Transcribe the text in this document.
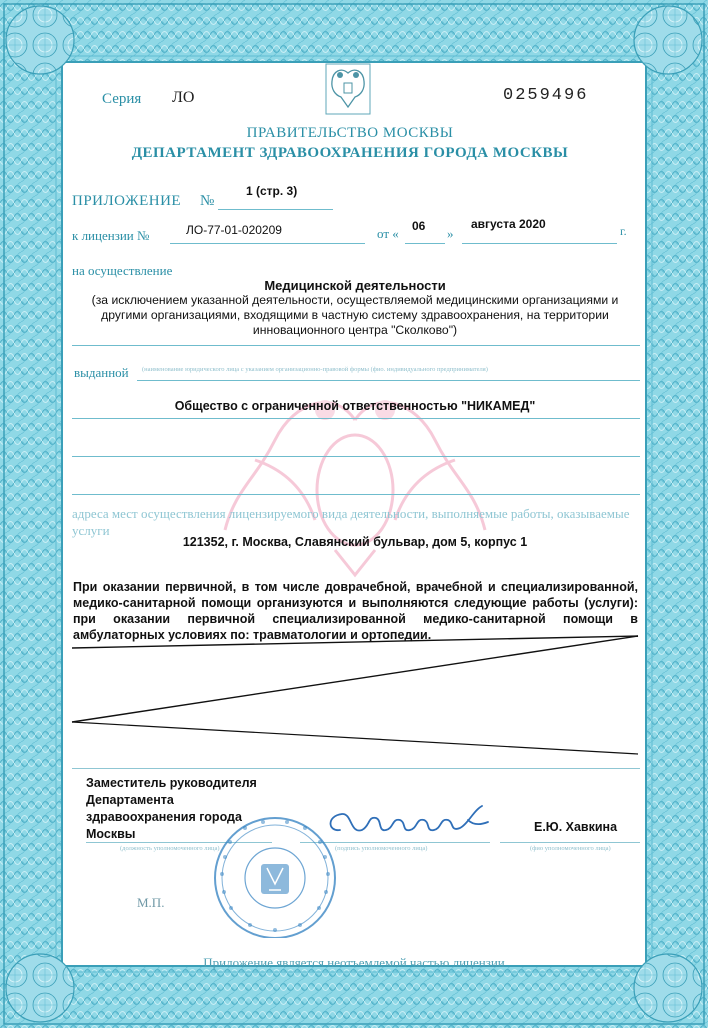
Серия ЛО	0259496
ПРАВИТЕЛЬСТВО МОСКВЫ
ДЕПАРТАМЕНТ ЗДРАВООХРАНЕНИЯ ГОРОДА МОСКВЫ
ПРИЛОЖЕНИЕ №
1 (стр. 3)
к лицензии №	ЛО-77-01-020209	от « 06 »
августа 2020	г.
на осуществление
Медицинской деятельности
(за исключением указанной деятельности, осуществляемой медицинскими организациями и другими организациями, входящими в частную систему здравоохранения, на территории инновационного центра "Сколково")
выданной (наименование юридического лица с указанием организационно-правовой формы (фио. индивидуального предпринимателя)
Общество с ограниченной ответственностью "НИКАМЕД"
адреса мест осуществления лицензируемого вида деятельности, выполняемые работы, оказываемые услуги
121352, г. Москва, Славянский бульвар, дом 5, корпус 1
При оказании первичной, в том числе доврачебной, врачебной и специализированной, медико-санитарной помощи организуются и выполняются следующие работы (услуги): при оказании первичной специализированной медико-санитарной помощи в амбулаторных условиях по: травматологии и ортопедии.
Заместитель руководителя
Департамента
здравоохранения города
Москвы
(должность уполномоченного лица)	(подпись уполномоченного лица)
Е.Ю. Хавкина
(фио уполномоченного лица)
М.П.
Приложение является неотъемлемой частью лицензии
